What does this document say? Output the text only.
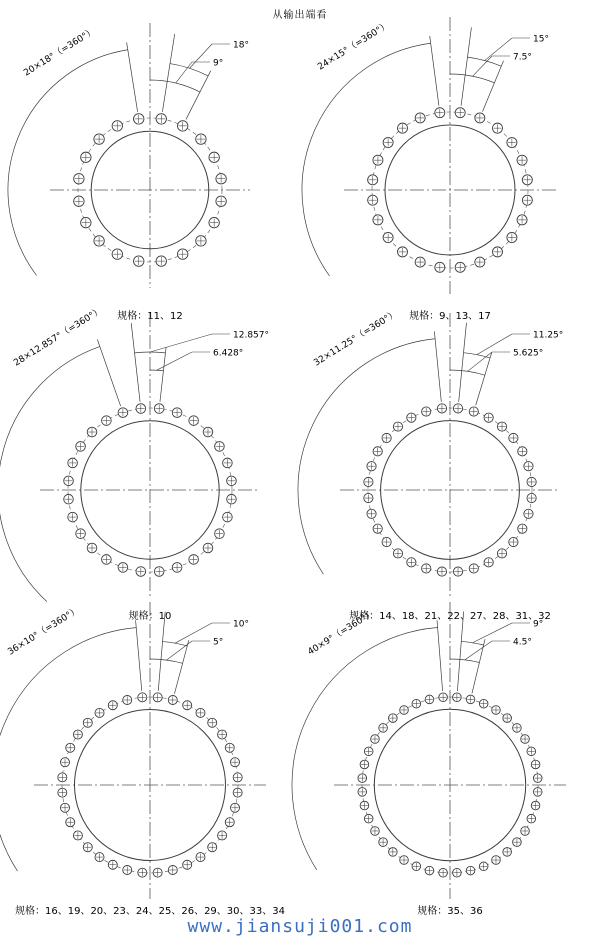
从输出端看
18°
9°
20×18°（=360°）
规格：11、12
15°
7.5°
24×15°（=360°）
规格：9、13、17
12.857°
6.428°
28×12.857°（=360°）
规格：10
11.25°
5.625°
32×11.25°（=360°）
规格：14、18、21、22、27、28、31、32
10°
5°
36×10°（=360°）
规格：16、19、20、23、24、25、26、29、30、33、34
9°
4.5°
40×9°（=360°）
规格：35、36
www.jiansuji001.com
